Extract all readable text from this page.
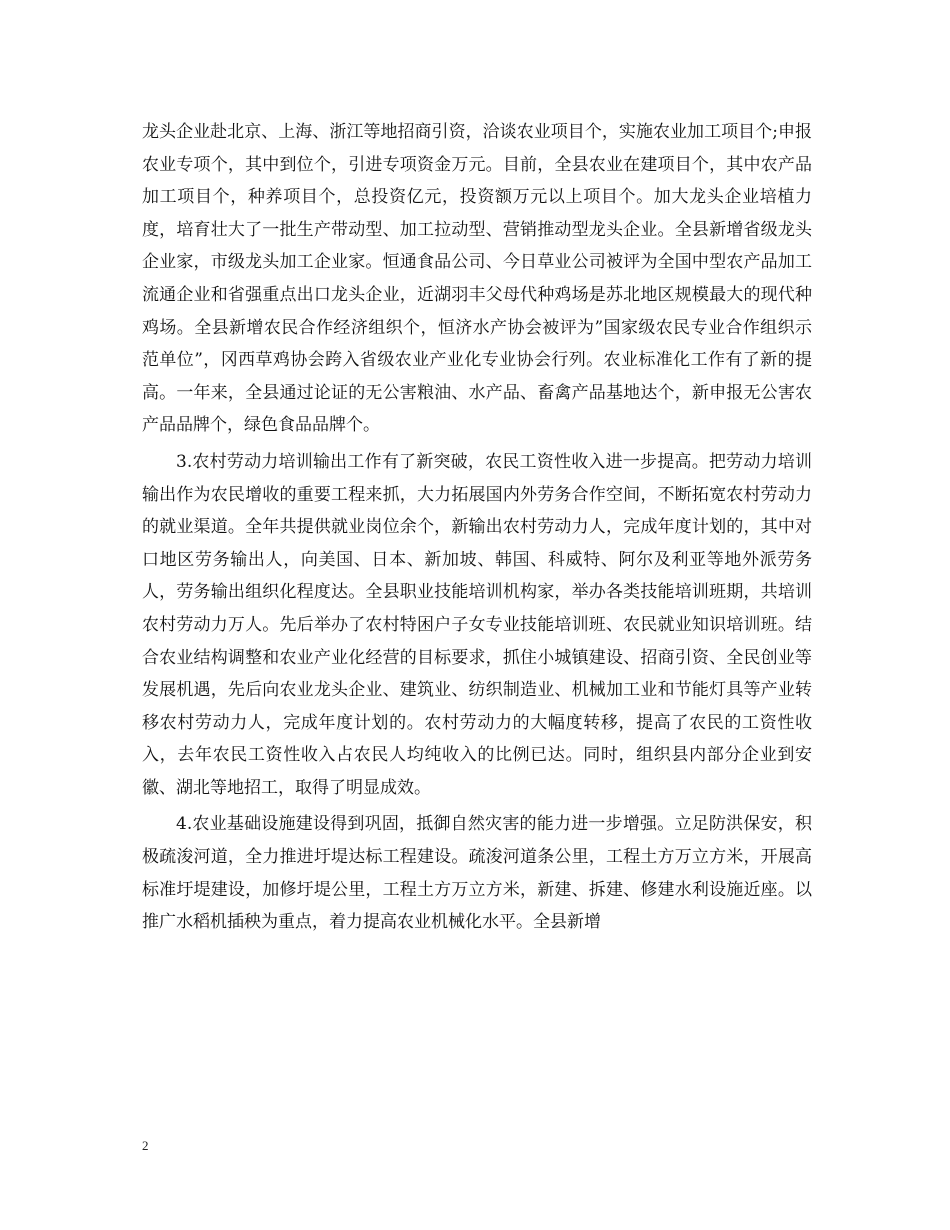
龙头企业赴北京、上海、浙江等地招商引资，洽谈农业项目个，实施农业加工项目个;申报农业专项个，其中到位个，引进专项资金万元。目前，全县农业在建项目个，其中农产品加工项目个，种养项目个，总投资亿元，投资额万元以上项目个。加大龙头企业培植力度，培育壮大了一批生产带动型、加工拉动型、营销推动型龙头企业。全县新增省级龙头企业家，市级龙头加工企业家。恒通食品公司、今日草业公司被评为全国中型农产品加工流通企业和省强重点出口龙头企业，近湖羽丰父母代种鸡场是苏北地区规模最大的现代种鸡场。全县新增农民合作经济组织个，恒济水产协会被评为”国家级农民专业合作组织示范单位”，冈西草鸡协会跨入省级农业产业化专业协会行列。农业标准化工作有了新的提高。一年来，全县通过论证的无公害粮油、水产品、畜禽产品基地达个，新申报无公害农产品品牌个，绿色食品品牌个。

3.农村劳动力培训输出工作有了新突破，农民工资性收入进一步提高。把劳动力培训输出作为农民增收的重要工程来抓，大力拓展国内外劳务合作空间，不断拓宽农村劳动力的就业渠道。全年共提供就业岗位余个，新输出农村劳动力人，完成年度计划的，其中对口地区劳务输出人，向美国、日本、新加坡、韩国、科威特、阿尔及利亚等地外派劳务人，劳务输出组织化程度达。全县职业技能培训机构家，举办各类技能培训班期，共培训农村劳动力万人。先后举办了农村特困户子女专业技能培训班、农民就业知识培训班。结合农业结构调整和农业产业化经营的目标要求，抓住小城镇建设、招商引资、全民创业等发展机遇，先后向农业龙头企业、建筑业、纺织制造业、机械加工业和节能灯具等产业转移农村劳动力人，完成年度计划的。农村劳动力的大幅度转移，提高了农民的工资性收入，去年农民工资性收入占农民人均纯收入的比例已达。同时，组织县内部分企业到安徽、湖北等地招工，取得了明显成效。

4.农业基础设施建设得到巩固，抵御自然灾害的能力进一步增强。立足防洪保安，积极疏浚河道，全力推进圩堤达标工程建设。疏浚河道条公里，工程土方万立方米，开展高标准圩堤建设，加修圩堤公里，工程土方万立方米，新建、拆建、修建水利设施近座。以推广水稻机插秧为重点，着力提高农业机械化水平。全县新增

2
